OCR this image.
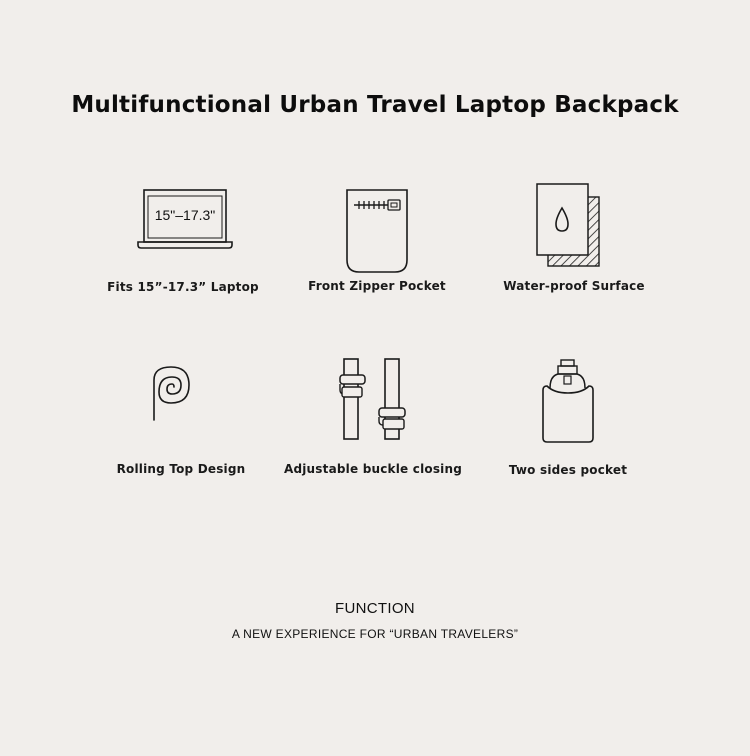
Multifunctional Urban Travel Laptop Backpack
15"–17.3"
Fits 15”-17.3” Laptop	Front Zipper Pocket	Water-proof Surface
Rolling Top Design	Adjustable buckle closing	Two sides pocket
FUNCTION
A NEW EXPERIENCE FOR “URBAN TRAVELERS”
